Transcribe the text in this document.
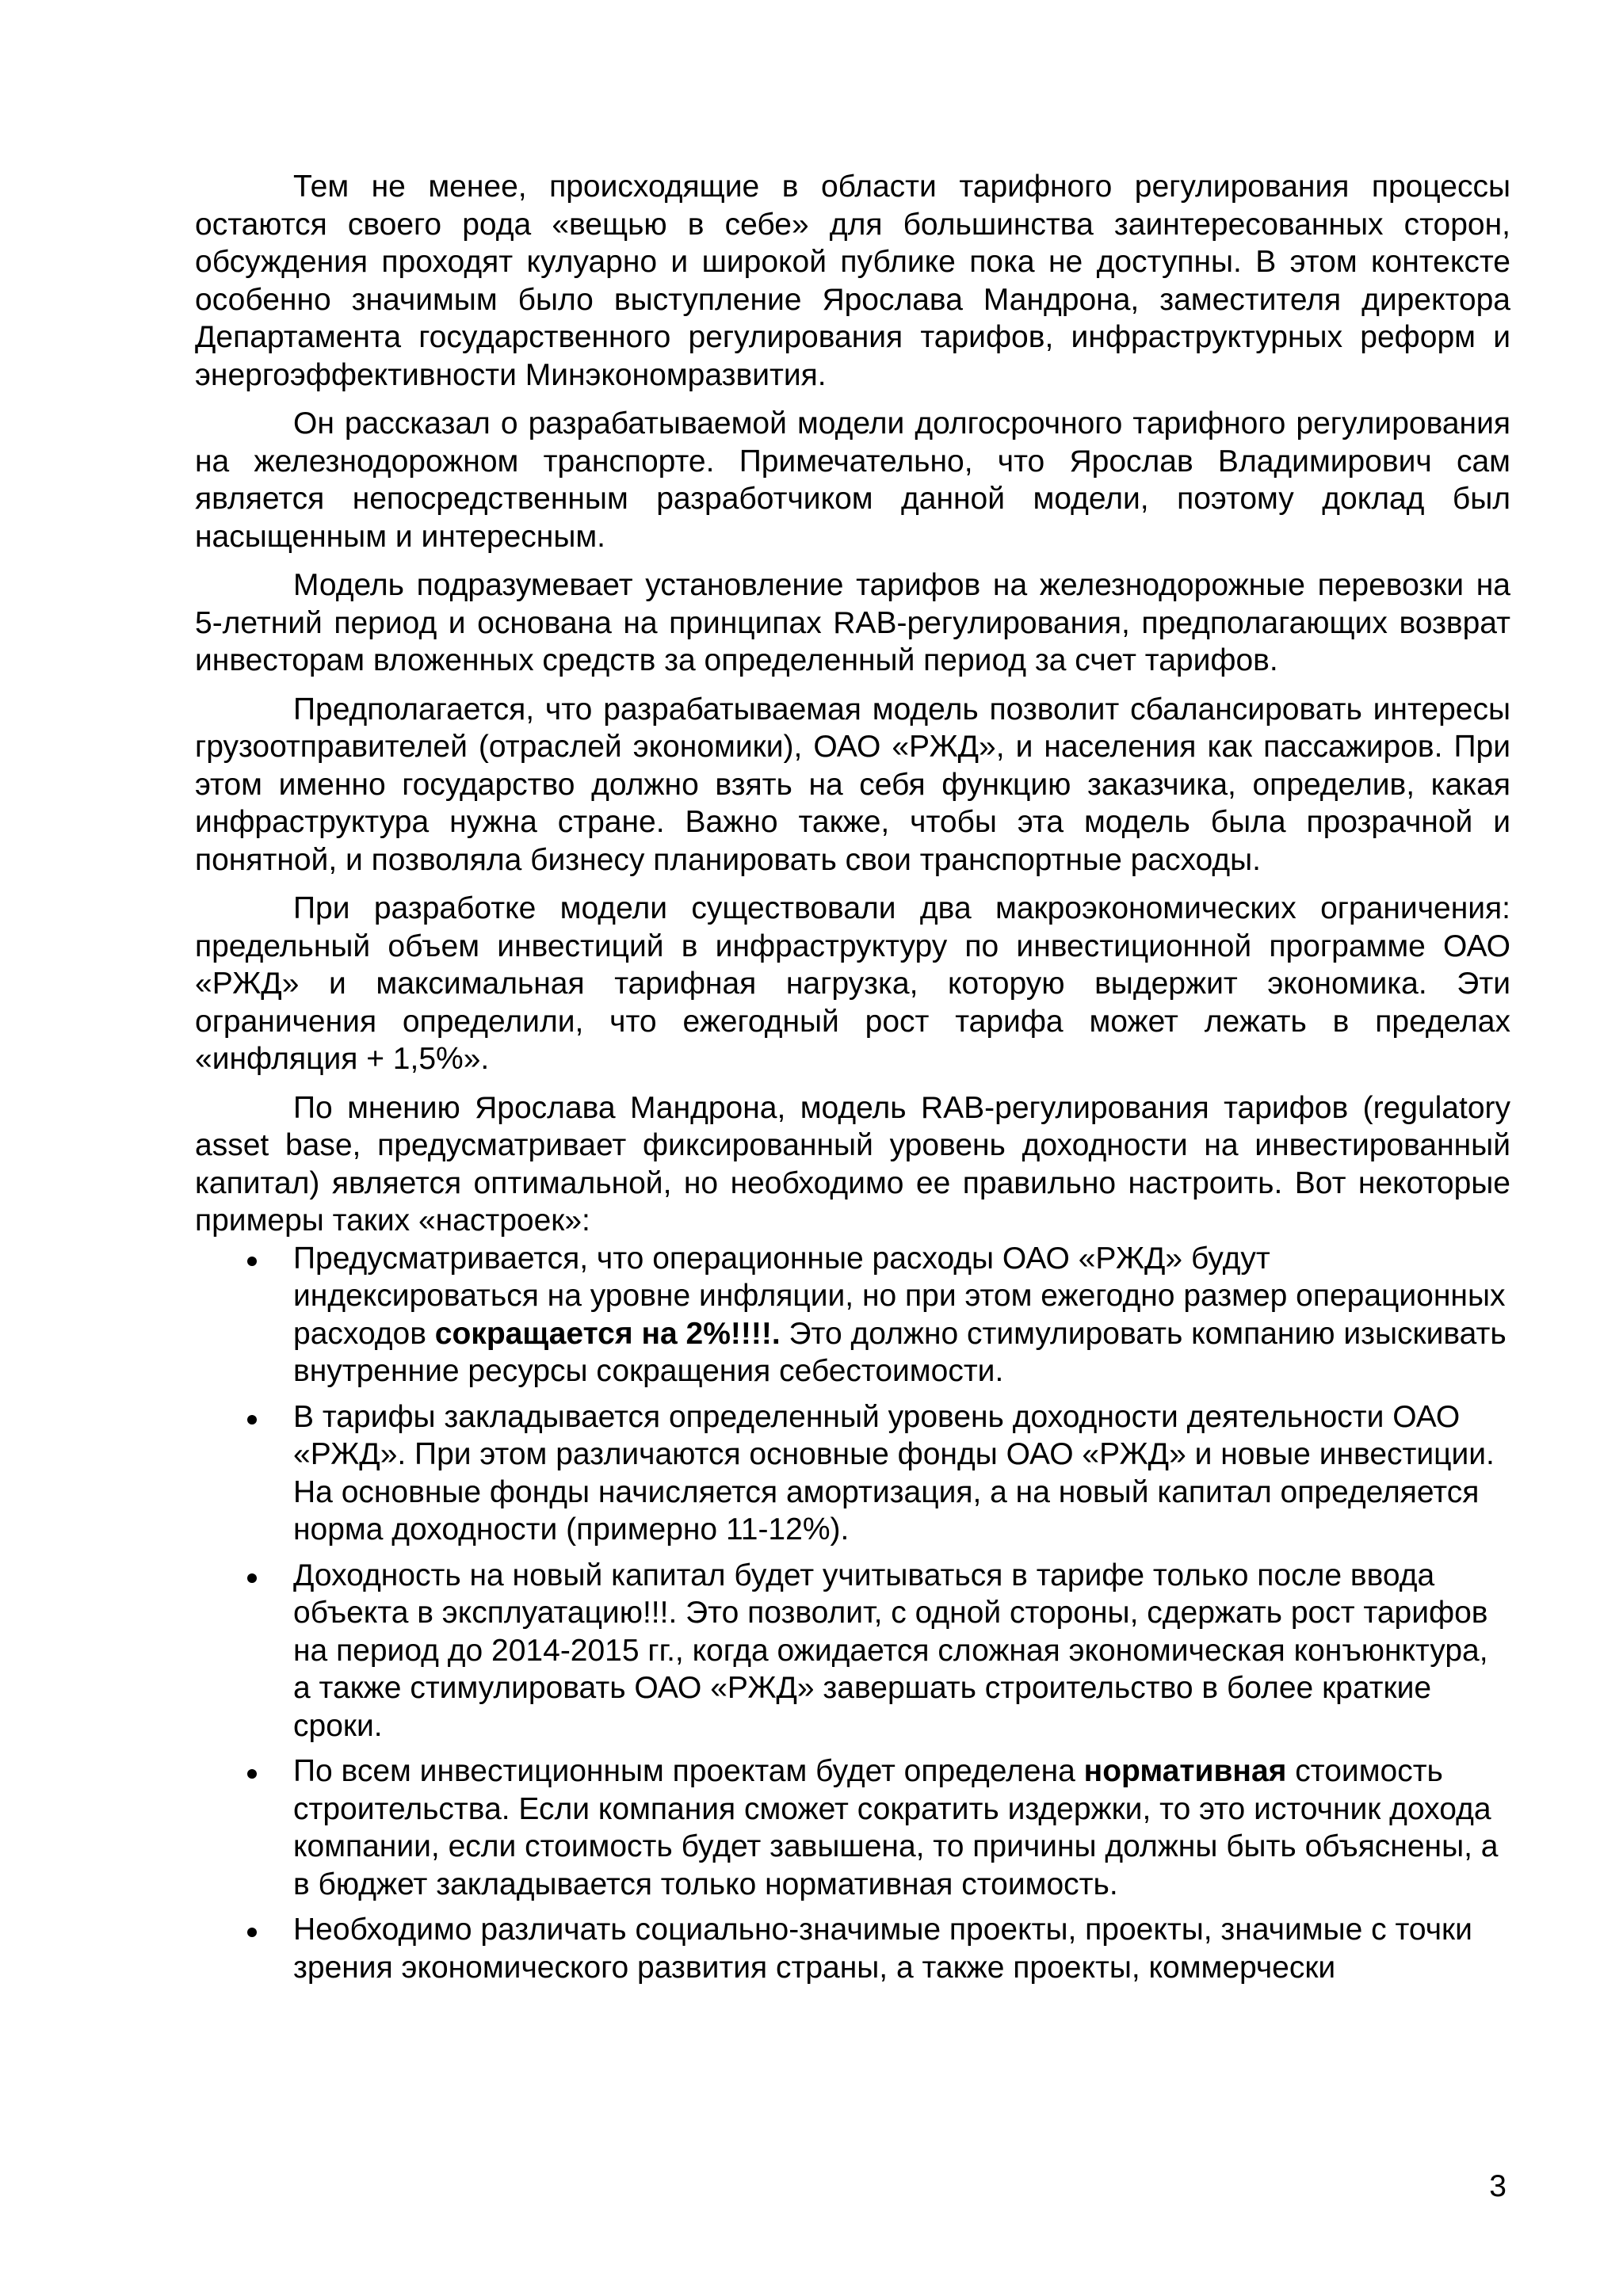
Тем не менее, происходящие в области тарифного регулирования процессы остаются своего рода «вещью в себе» для большинства заинтересованных сторон, обсуждения проходят кулуарно и широкой публике пока не доступны. В этом контексте особенно значимым было выступление Ярослава Мандрона, заместителя директора Департамента государственного регулирования тарифов, инфраструктурных реформ и энергоэффективности Минэкономразвития.

Он рассказал о разрабатываемой модели долгосрочного тарифного регулирования на железнодорожном транспорте. Примечательно, что Ярослав Владимирович сам является непосредственным разработчиком данной модели, поэтому доклад был насыщенным и интересным.

Модель подразумевает установление тарифов на железнодорожные перевозки на 5-летний период и основана на принципах RAB-регулирования, предполагающих возврат инвесторам вложенных средств за определенный период за счет тарифов.

Предполагается, что разрабатываемая модель позволит сбалансировать интересы грузоотправителей (отраслей экономики), ОАО «РЖД», и населения как пассажиров. При этом именно государство должно взять на себя функцию заказчика, определив, какая инфраструктура нужна стране. Важно также, чтобы эта модель была прозрачной и понятной, и позволяла бизнесу планировать свои транспортные расходы.

При разработке модели существовали два макроэкономических ограничения: предельный объем инвестиций в инфраструктуру по инвестиционной программе ОАО «РЖД» и максимальная тарифная нагрузка, которую выдержит экономика. Эти ограничения определили, что ежегодный рост тарифа может лежать в пределах «инфляция + 1,5%».

По мнению Ярослава Мандрона, модель RAB-регулирования тарифов (regulatory asset base, предусматривает фиксированный уровень доходности на инвестированный капитал) является оптимальной, но необходимо ее правильно настроить. Вот некоторые примеры таких «настроек»:

Предусматривается, что операционные расходы ОАО «РЖД» будут индексироваться на уровне инфляции, но при этом ежегодно размер операционных расходов сокращается на 2%!!!!. Это должно стимулировать компанию изыскивать внутренние ресурсы сокращения себестоимости.
В тарифы закладывается определенный уровень доходности деятельности ОАО «РЖД». При этом различаются основные фонды ОАО «РЖД» и новые инвестиции. На основные фонды начисляется амортизация, а на новый капитал определяется норма доходности (примерно 11-12%).
Доходность на новый капитал будет учитываться в тарифе только после ввода объекта в эксплуатацию!!!. Это позволит, с одной стороны, сдержать рост тарифов на период до 2014-2015 гг., когда ожидается сложная экономическая конъюнктура, а также стимулировать ОАО «РЖД» завершать строительство в более краткие сроки.
По всем инвестиционным проектам будет определена нормативная стоимость строительства. Если компания сможет сократить издержки, то это источник дохода компании, если стоимость будет завышена, то причины должны быть объяснены, а в бюджет закладывается только нормативная стоимость.
Необходимо различать социально-значимые проекты, проекты, значимые с точки зрения экономического развития страны, а также проекты, коммерчески
3
